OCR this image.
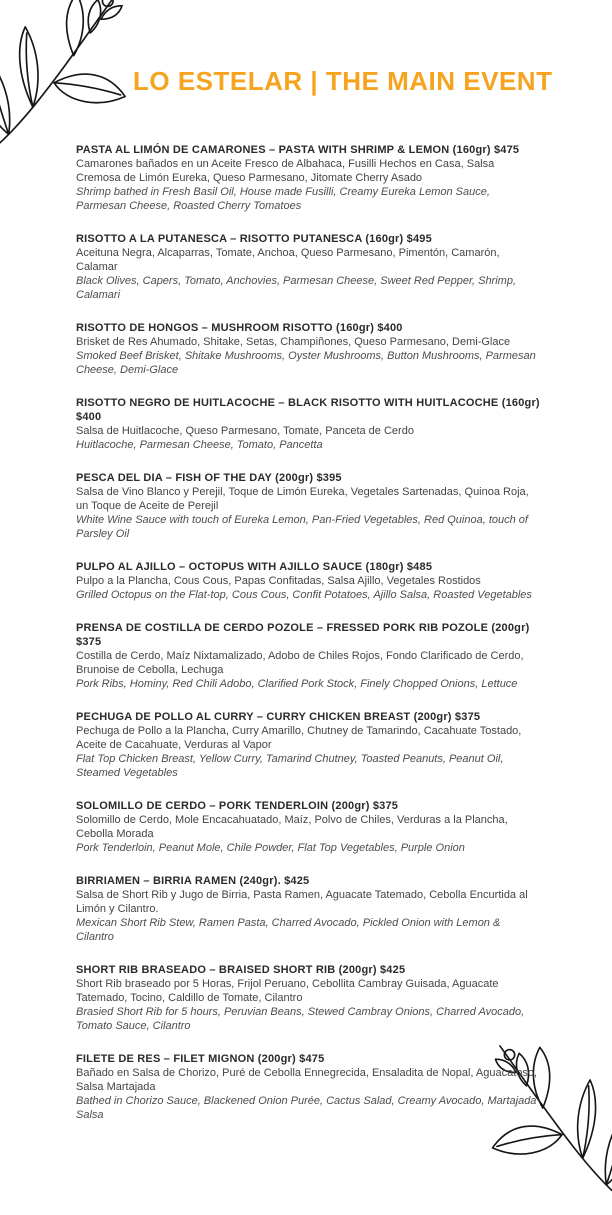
LO ESTELAR | THE MAIN EVENT
PASTA AL LIMÓN DE CAMARONES – PASTA WITH SHRIMP & LEMON (160gr) $475

Camarones bañados en un Aceite Fresco de Albahaca, Fusilli Hechos en Casa, Salsa Cremosa de Limón Eureka, Queso Parmesano, Jitomate Cherry Asado

Shrimp bathed in Fresh Basil Oil, House made Fusilli, Creamy Eureka Lemon Sauce, Parmesan Cheese, Roasted Cherry Tomatoes

RISOTTO A LA PUTANESCA – RISOTTO PUTANESCA (160gr) $495

Aceituna Negra, Alcaparras, Tomate, Anchoa, Queso Parmesano, Pimentón, Camarón, Calamar

Black Olives, Capers, Tomato, Anchovies, Parmesan Cheese, Sweet Red Pepper, Shrimp, Calamari

RISOTTO DE HONGOS – MUSHROOM RISOTTO (160gr) $400

Brisket de Res Ahumado, Shitake, Setas, Champiñones, Queso Parmesano, Demi-Glace

Smoked Beef Brisket, Shitake Mushrooms, Oyster Mushrooms, Button Mushrooms, Parmesan Cheese, Demi-Glace

RISOTTO NEGRO DE HUITLACOCHE – BLACK RISOTTO WITH HUITLACOCHE (160gr) $400

Salsa de Huitlacoche, Queso Parmesano, Tomate, Panceta de Cerdo

Huitlacoche, Parmesan Cheese, Tomato, Pancetta

PESCA DEL DIA – FISH OF THE DAY (200gr) $395

Salsa de Vino Blanco y Perejil, Toque de Limón Eureka, Vegetales Sartenadas, Quinoa Roja, un Toque de Aceite de Perejil

White Wine Sauce with touch of Eureka Lemon, Pan-Fried Vegetables, Red Quinoa, touch of Parsley Oil

PULPO AL AJILLO – OCTOPUS WITH AJILLO SAUCE (180gr) $485

Pulpo a la Plancha, Cous Cous, Papas Confitadas, Salsa Ajillo, Vegetales Rostidos

Grilled Octopus on the Flat-top, Cous Cous, Confit Potatoes, Ajillo Salsa, Roasted Vegetables

PRENSA DE COSTILLA DE CERDO POZOLE – FRESSED PORK RIB POZOLE (200gr) $375

Costilla de Cerdo, Maíz Nixtamalizado, Adobo de Chiles Rojos, Fondo Clarificado de Cerdo, Brunoise de Cebolla, Lechuga

Pork Ribs, Hominy, Red Chili Adobo, Clarified Pork Stock, Finely Chopped Onions, Lettuce

PECHUGA DE POLLO AL CURRY – CURRY CHICKEN BREAST (200gr) $375

Pechuga de Pollo a la Plancha, Curry Amarillo, Chutney de Tamarindo, Cacahuate Tostado, Aceite de Cacahuate, Verduras al Vapor

Flat Top Chicken Breast, Yellow Curry, Tamarind Chutney, Toasted Peanuts, Peanut Oil, Steamed Vegetables

SOLOMILLO DE CERDO – PORK TENDERLOIN (200gr) $375

Solomillo de Cerdo, Mole Encacahuatado, Maíz, Polvo de Chiles, Verduras a la Plancha, Cebolla Morada

Pork Tenderloin, Peanut Mole, Chile Powder, Flat Top Vegetables, Purple Onion

BIRRIAMEN – BIRRIA RAMEN (240gr). $425

Salsa de Short Rib y Jugo de Birria, Pasta Ramen, Aguacate Tatemado, Cebolla Encurtida al Limón y Cilantro.

Mexican Short Rib Stew, Ramen Pasta, Charred Avocado, Pickled Onion with Lemon & Cilantro

SHORT RIB BRASEADO – BRAISED SHORT RIB (200gr) $425

Short Rib braseado por 5 Horas, Frijol Peruano, Cebollita Cambray Guisada, Aguacate Tatemado, Tocino, Caldillo de Tomate, Cilantro

Brasied Short Rib for 5 hours, Peruvian Beans, Stewed Cambray Onions, Charred Avocado, Tomato Sauce, Cilantro

FILETE DE RES – FILET MIGNON (200gr) $475

Bañado en Salsa de Chorizo, Puré de Cebolla Ennegrecida, Ensaladita de Nopal, Aguacatoso, Salsa Martajada

Bathed in Chorizo Sauce, Blackened Onion Purée, Cactus Salad, Creamy Avocado, Martajada Salsa
